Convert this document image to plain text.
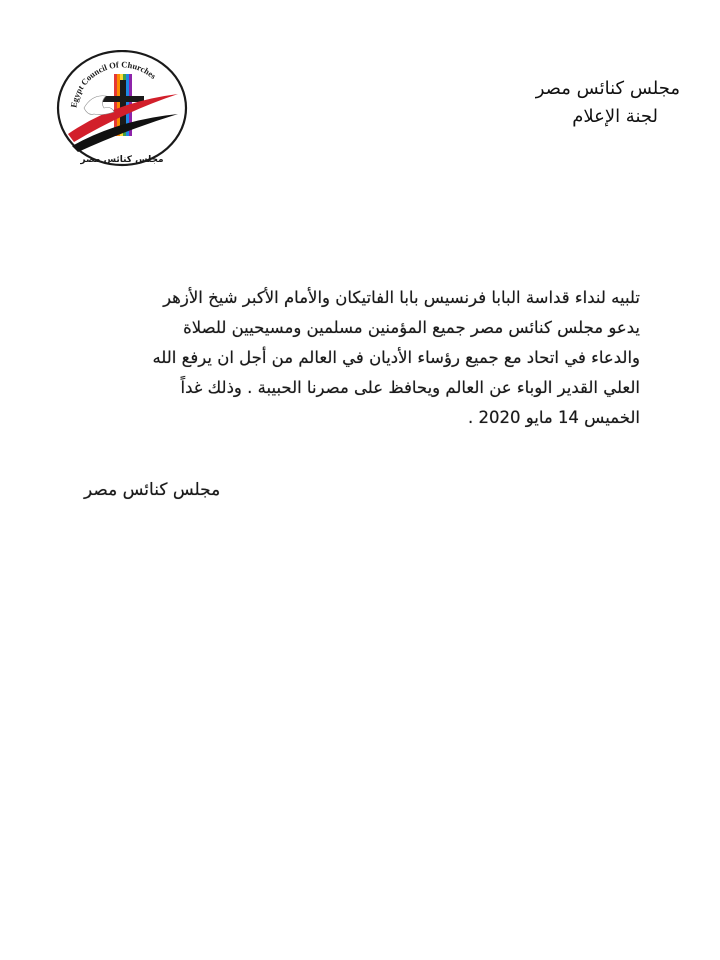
Egypt Council Of Churches
مجلس كنائس مصر
مجلس كنائس مصر
لجنة الإعلام
تلبيه لنداء قداسة البابا فرنسيس بابا الفاتيكان والأمام الأكبر شيخ الأزهر
يدعو مجلس كنائس مصر جميع المؤمنين مسلمين ومسيحيين للصلاة
والدعاء في اتحاد مع جميع رؤساء الأديان في العالم من أجل ان يرفع الله
العلي القدير الوباء عن العالم ويحافظ على مصرنا الحبيبة . وذلك غداً
الخميس 14 مايو 2020 .
مجلس كنائس مصر
